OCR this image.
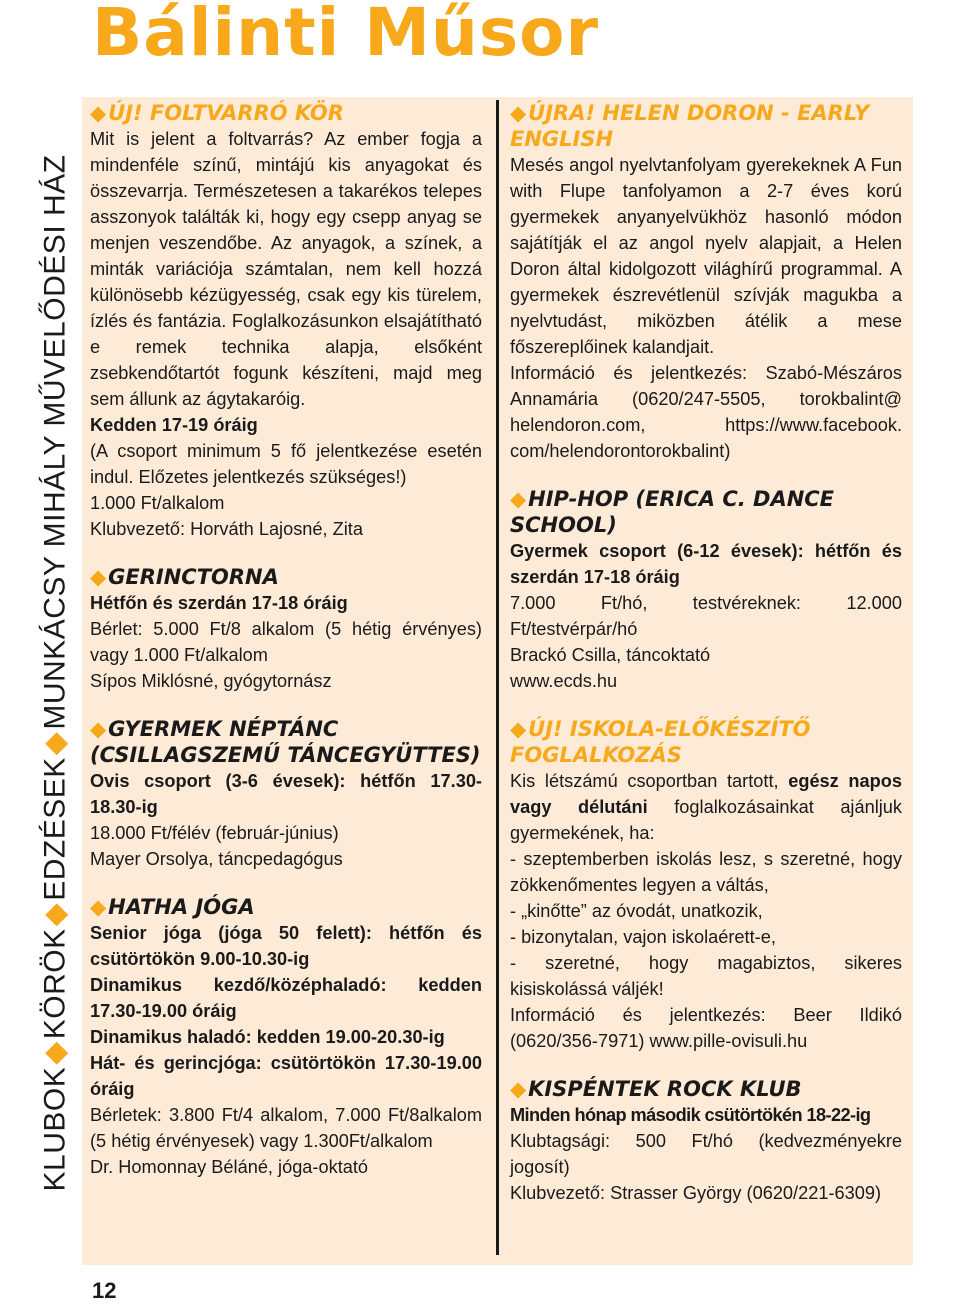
Bálinti Műsor
KLUBOK
◆
KÖRÖK
◆
EDZÉSEK
◆
MUNKÁCSY MIHÁLY MŰVELŐDÉSI HÁZ

◆ÚJ! FOLTVARRÓ KÖR

Mit is jelent a foltvarrás? Az ember fogja a mindenféle színű, mintájú kis anyagokat és összevarrja. Természetesen a takarékos telepes asszonyok találták ki, hogy egy csepp anyag se menjen veszendőbe. Az anyagok, a színek, a minták variációja számtalan, nem kell hozzá különösebb kézügyesség, csak egy kis türelem, ízlés és fantázia. Foglalkozásunkon elsajátítható e remek technika alapja, elsőként zsebkendőtartót fogunk készíteni, majd meg sem állunk az ágytakaróig.

Kedden 17-19 óráig

(A csoport minimum 5 fő jelentkezése esetén indul. Előzetes jelentkezés szükséges!)

1.000 Ft/alkalom

Klubvezető: Horváth Lajosné, Zita

◆GERINCTORNA

Hétfőn és szerdán 17-18 óráig

Bérlet: 5.000 Ft/8 alkalom (5 hétig érvényes) vagy 1.000 Ft/alkalom

Sípos Miklósné, gyógytornász

◆GYERMEK NÉPTÁNC (CSILLAGSZEMŰ TÁNCEGYÜTTES)

Ovis csoport (3-6 évesek): hétfőn 17.30-18.30-ig

18.000 Ft/félév (február-június)

Mayer Orsolya, táncpedagógus

◆HATHA JÓGA

Senior jóga (jóga 50 felett): hétfőn és csütörtökön 9.00-10.30-ig

Dinamikus kezdő/középhaladó: kedden 17.30-19.00 óráig

Dinamikus haladó: kedden 19.00-20.30-ig

Hát- és gerincjóga: csütörtökön 17.30-19.00 óráig

Bérletek: 3.800 Ft/4 alkalom, 7.000 Ft/8alkalom (5 hétig érvényesek) vagy 1.300Ft/alkalom

Dr. Homonnay Béláné, jóga-oktató

◆ÚJRA! HELEN DORON - EARLY ENGLISH

Mesés angol nyelvtanfolyam gyerekeknek A Fun with Flupe tanfolyamon a 2-7 éves korú gyermekek anyanyelvükhöz hasonló módon sajátítják el az angol nyelv alapjait, a Helen Doron által kidolgozott világhírű programmal. A gyermekek észrevétlenül szívják magukba a nyelvtudást, miközben átélik a mese főszereplőinek kalandjait.

Információ és jelentkezés: Szabó-Mészáros Annamária (0620/247-5505, torokbalint@ helendoron.com, https://www.facebook. com/helendorontorokbalint)

◆HIP-HOP (ERICA C. DANCE SCHOOL)

Gyermek csoport (6-12 évesek): hétfőn és szerdán 17-18 óráig

7.000 Ft/hó, testvéreknek: 12.000 Ft/testvérpár/hó

Brackó Csilla, táncoktató

www.ecds.hu

◆ÚJ! ISKOLA-ELŐKÉSZÍTŐ FOGLALKOZÁS

Kis létszámú csoportban tartott, egész napos vagy délutáni foglalkozásainkat ajánljuk gyermekének, ha:

- szeptemberben iskolás lesz, s szeretné, hogy zökkenőmentes legyen a váltás,

- „kinőtte” az óvodát, unatkozik,

- bizonytalan, vajon iskolaérett-e,

- szeretné, hogy magabiztos, sikeres kisiskolássá váljék!

Információ és jelentkezés: Beer Ildikó (0620/356-7971) www.pille-ovisuli.hu

◆KISPÉNTEK ROCK KLUB

Minden hónap második csütörtökén 18-22-ig

Klubtagsági: 500 Ft/hó (kedvezményekre jogosít)

Klubvezető: Strasser György (0620/221-6309)

12
